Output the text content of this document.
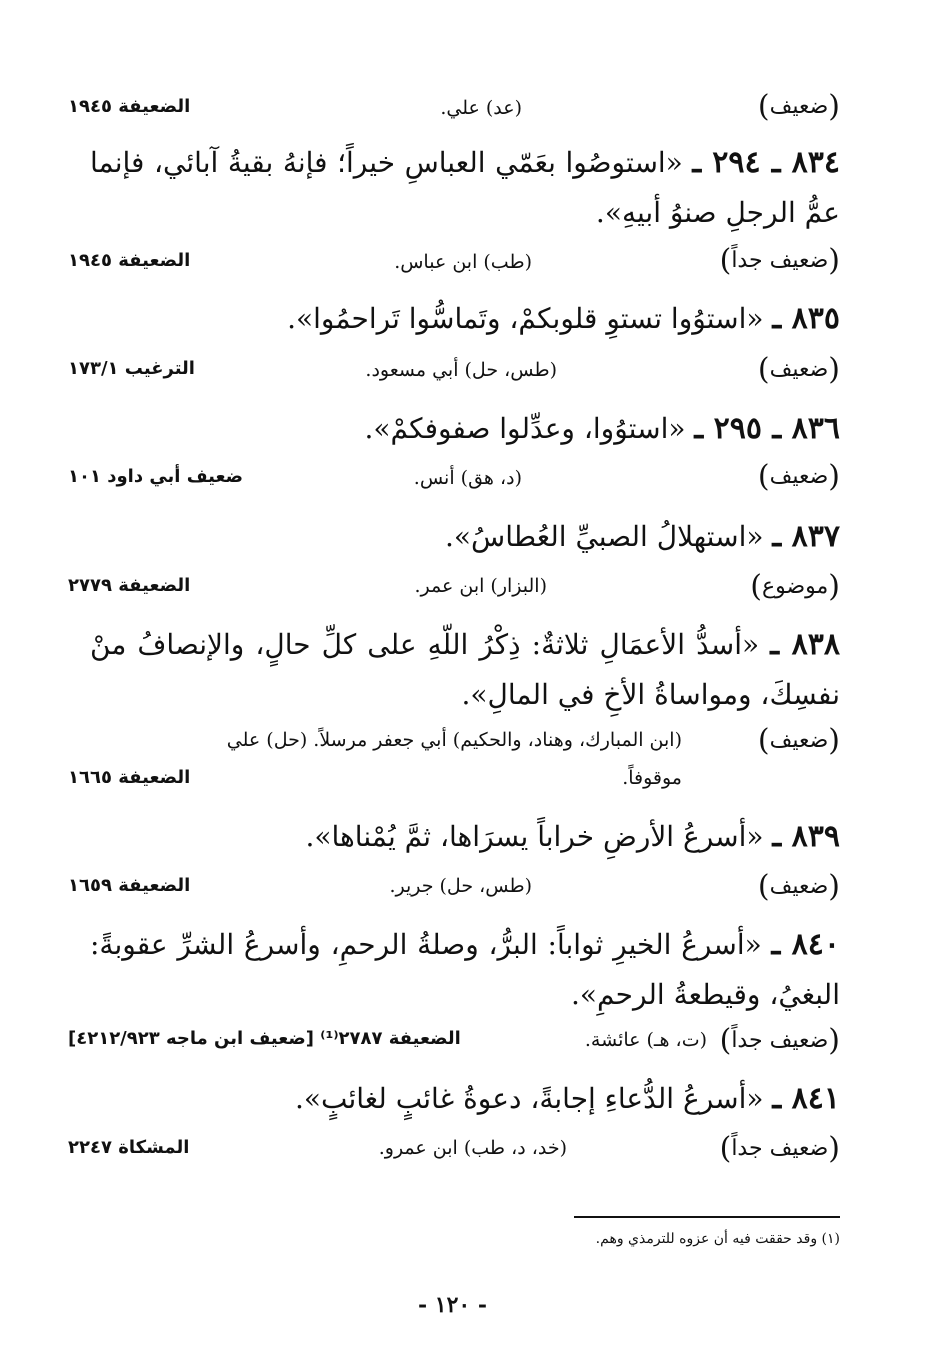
(ضعيف)
(عد) علي.
الضعيفة ١٩٤٥
٨٣٤ ـ ٢٩٤ ـ «استوصُوا بعَمّي العباسِ خيراً؛ فإنهُ بقيةُ آبائي، فإنما عمُّ الرجلِ صنوُ أبيهِ».
(ضعيف جداً)
(طب) ابن عباس.
الضعيفة ١٩٤٥
٨٣٥ ـ «استوُوا تستوِ قلوبكمْ، وتَماسُّوا تَراحمُوا».
(ضعيف)
(طس، حل) أبي مسعود.
الترغيب ١٧٣/١
٨٣٦ ـ ٢٩٥ ـ «استوُوا، وعدِّلوا صفوفكمْ».
(ضعيف)
(د، هق) أنس.
ضعيف أبي داود ١٠١
٨٣٧ ـ «استهلالُ الصبيِّ العُطاسُ».
(موضوع)
(البزار) ابن عمر.
الضعيفة ٢٧٧٩
٨٣٨ ـ «أسدُّ الأعمَالِ ثلاثةٌ: ذِكْرُ اللّهِ على كلِّ حالٍ، والإنصافُ منْ نفسِكَ، ومواساةُ الأخِ في المالِ».
(ضعيف)
(ابن المبارك، وهناد، والحكيم) أبي جعفر مرسلاً. (حل) علي
موقوفاً.
الضعيفة ١٦٦٥
٨٣٩ ـ «أسرعُ الأرضِ خراباً يسرَاها، ثمَّ يُمْناها».
(ضعيف)
(طس، حل) جرير.
الضعيفة ١٦٥٩
٨٤٠ ـ «أسرعُ الخيرِ ثواباً: البرُّ، وصلةُ الرحمِ، وأسرعُ الشرِّ عقوبةً: البغيُ، وقيطعةُ الرحمِ».
(ضعيف جداً)
(ت، هـ) عائشة.
الضعيفة ٢٧٨٧⁽¹⁾ [ضعيف ابن ماجه ٤٢١٢/٩٢٣]
٨٤١ ـ «أسرعُ الدُّعاءِ إجابةً، دعوةُ غائبٍ لغائبٍ».
(ضعيف جداً)
(خد، د، طب) ابن عمرو.
المشكاة ٢٢٤٧
(١) وقد حققت فيه أن عزوه للترمذي وهم.
- ١٢٠ -
